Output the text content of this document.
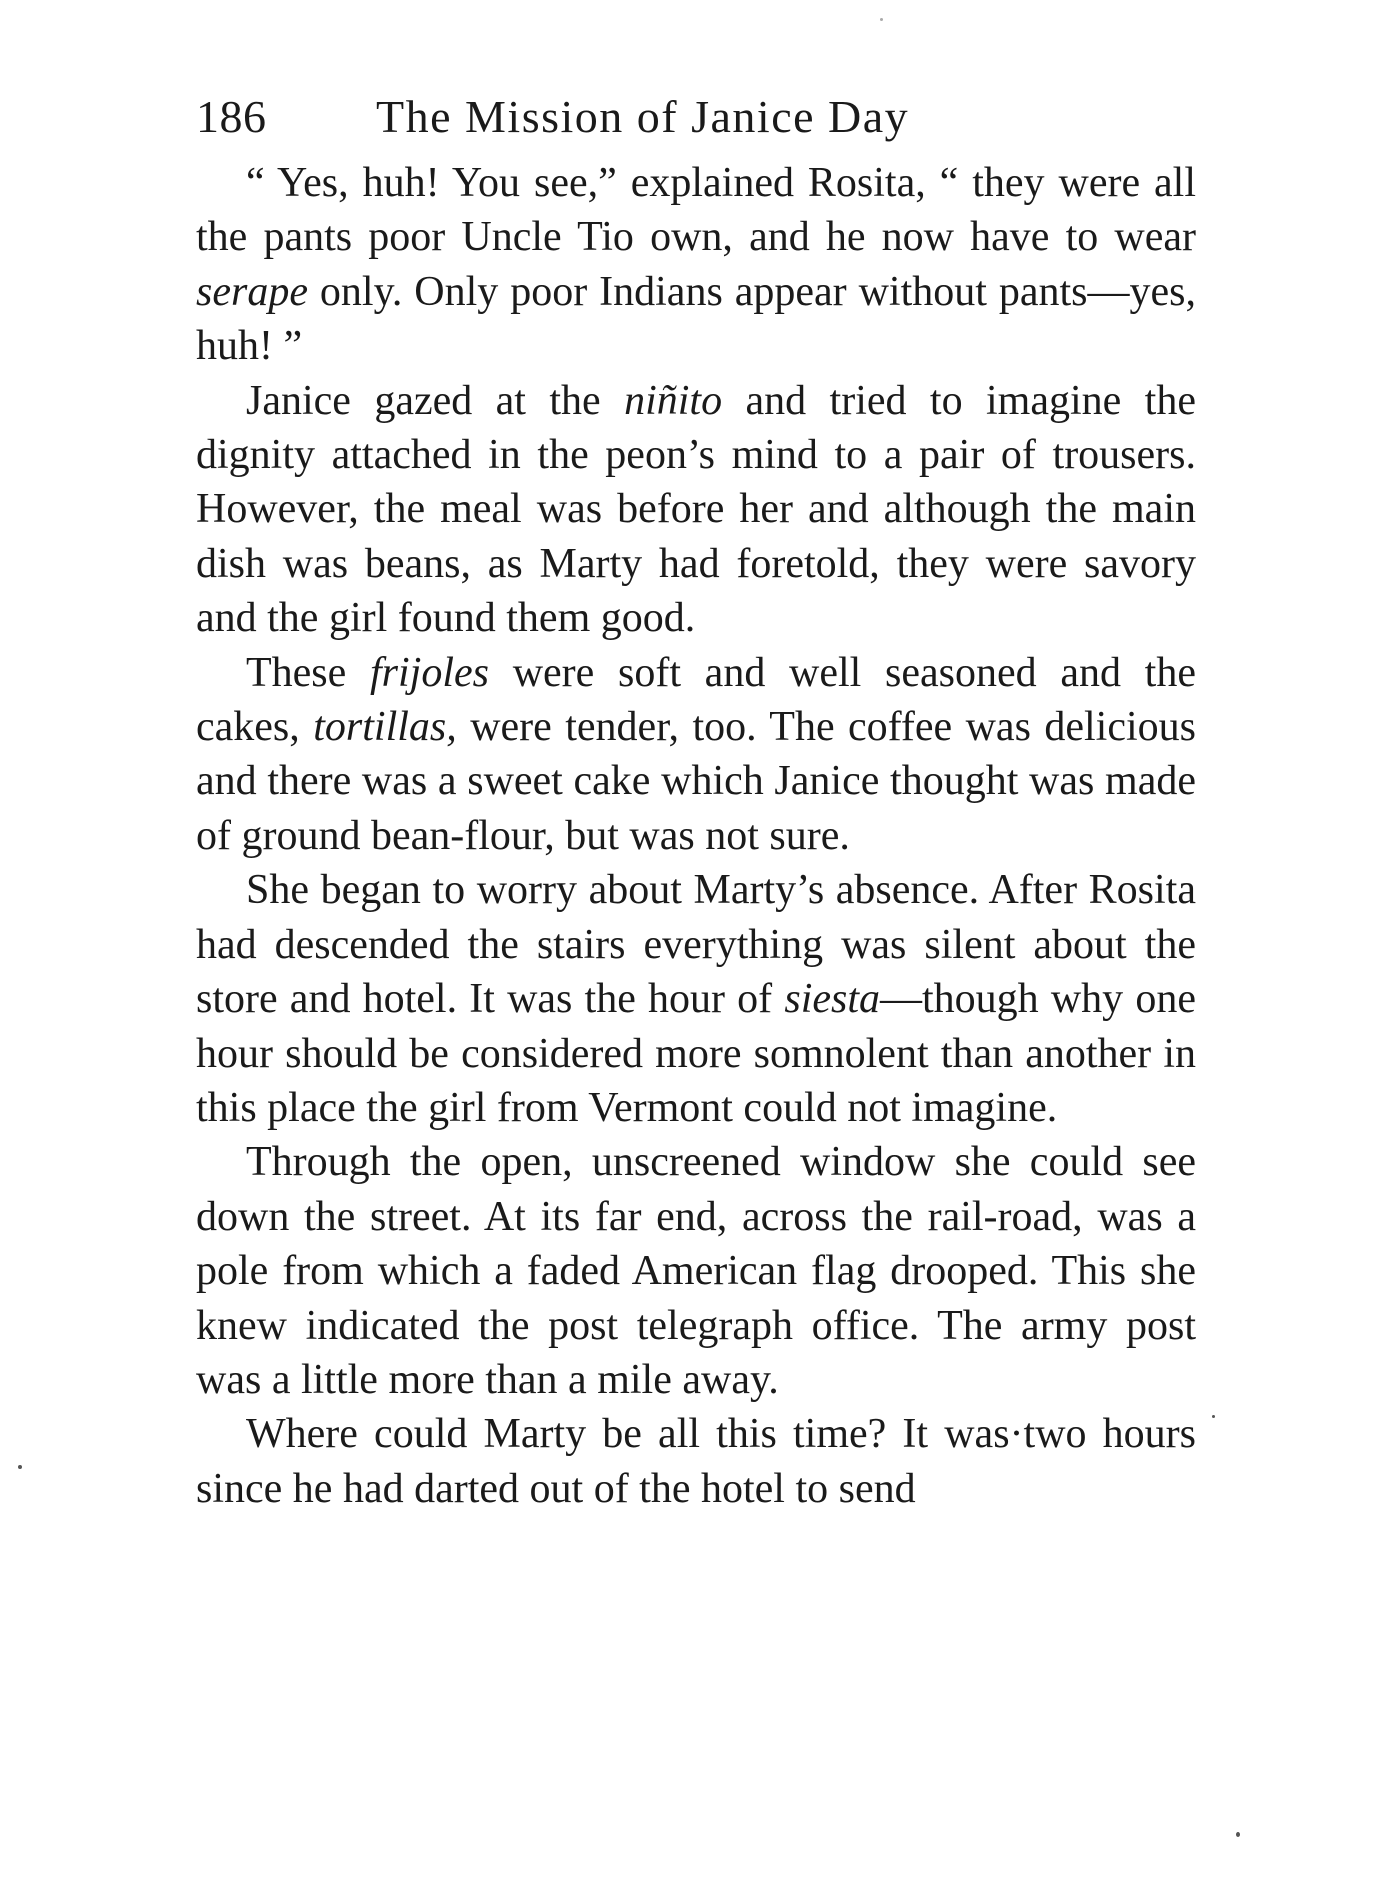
186 The Mission of Janice Day

“ Yes, huh! You see,” explained Rosita, “ they were all the pants poor Uncle Tio own, and he now have to wear serape only. Only poor Indians appear without pants—yes, huh! ”

Janice gazed at the niñito and tried to imagine the dignity attached in the peon’s mind to a pair of trousers. However, the meal was before her and although the main dish was beans, as Marty had foretold, they were savory and the girl found them good.

These frijoles were soft and well seasoned and the cakes, tortillas, were tender, too. The coffee was delicious and there was a sweet cake which Janice thought was made of ground bean-flour, but was not sure.

She began to worry about Marty’s absence. After Rosita had descended the stairs everything was silent about the store and hotel. It was the hour of siesta—though why one hour should be considered more somnolent than another in this place the girl from Vermont could not imagine.

Through the open, unscreened window she could see down the street. At its far end, across the rail-road, was a pole from which a faded American flag drooped. This she knew indicated the post telegraph office. The army post was a little more than a mile away.

Where could Marty be all this time? It was·two hours since he had darted out of the hotel to send
